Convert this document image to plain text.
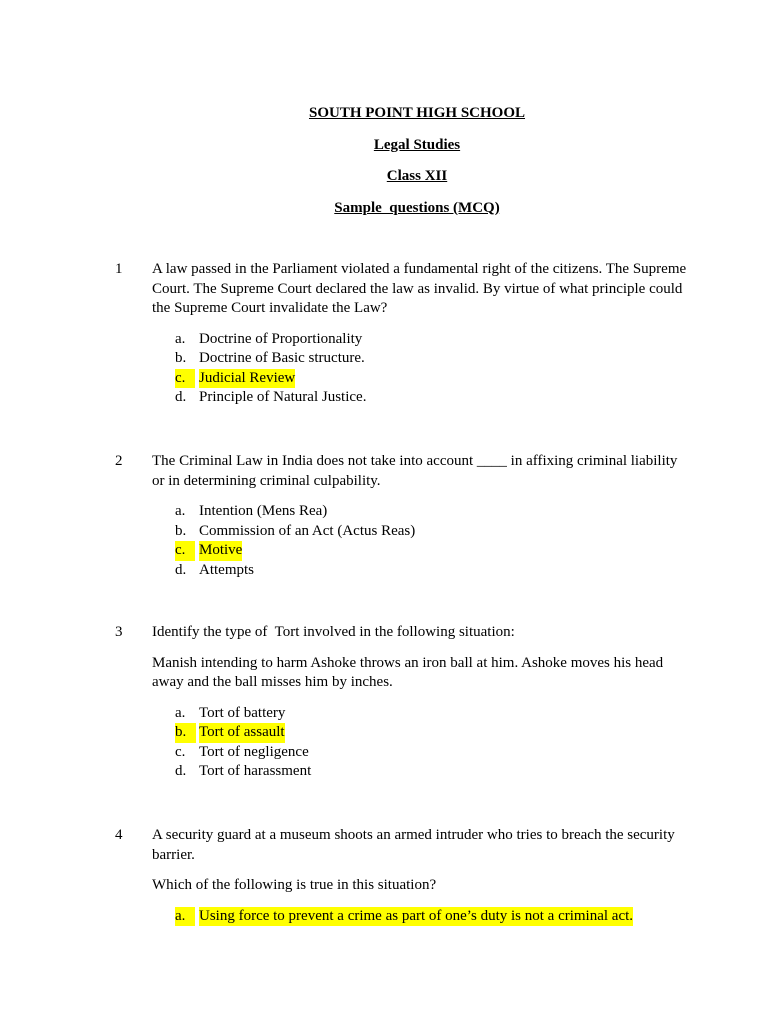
SOUTH POINT HIGH SCHOOL
Legal Studies
Class XII
Sample  questions (MCQ)
1 A law passed in the Parliament violated a fundamental right of the citizens. The Supreme Court. The Supreme Court declared the law as invalid. By virtue of what principle could the Supreme Court invalidate the Law?

a. Doctrine of Proportionality
b. Doctrine of Basic structure.
c. Judicial Review
d. Principle of Natural Justice.
2 The Criminal Law in India does not take into account ____ in affixing criminal liability or in determining criminal culpability.

a. Intention (Mens Rea)
b. Commission of an Act (Actus Reas)
c. Motive
d. Attempts
3 Identify the type of  Tort involved in the following situation:

Manish intending to harm Ashoke throws an iron ball at him. Ashoke moves his head away and the ball misses him by inches.

a. Tort of battery
b. Tort of assault
c. Tort of negligence
d. Tort of harassment
4 A security guard at a museum shoots an armed intruder who tries to breach the security barrier.

Which of the following is true in this situation?

a. Using force to prevent a crime as part of one’s duty is not a criminal act.
